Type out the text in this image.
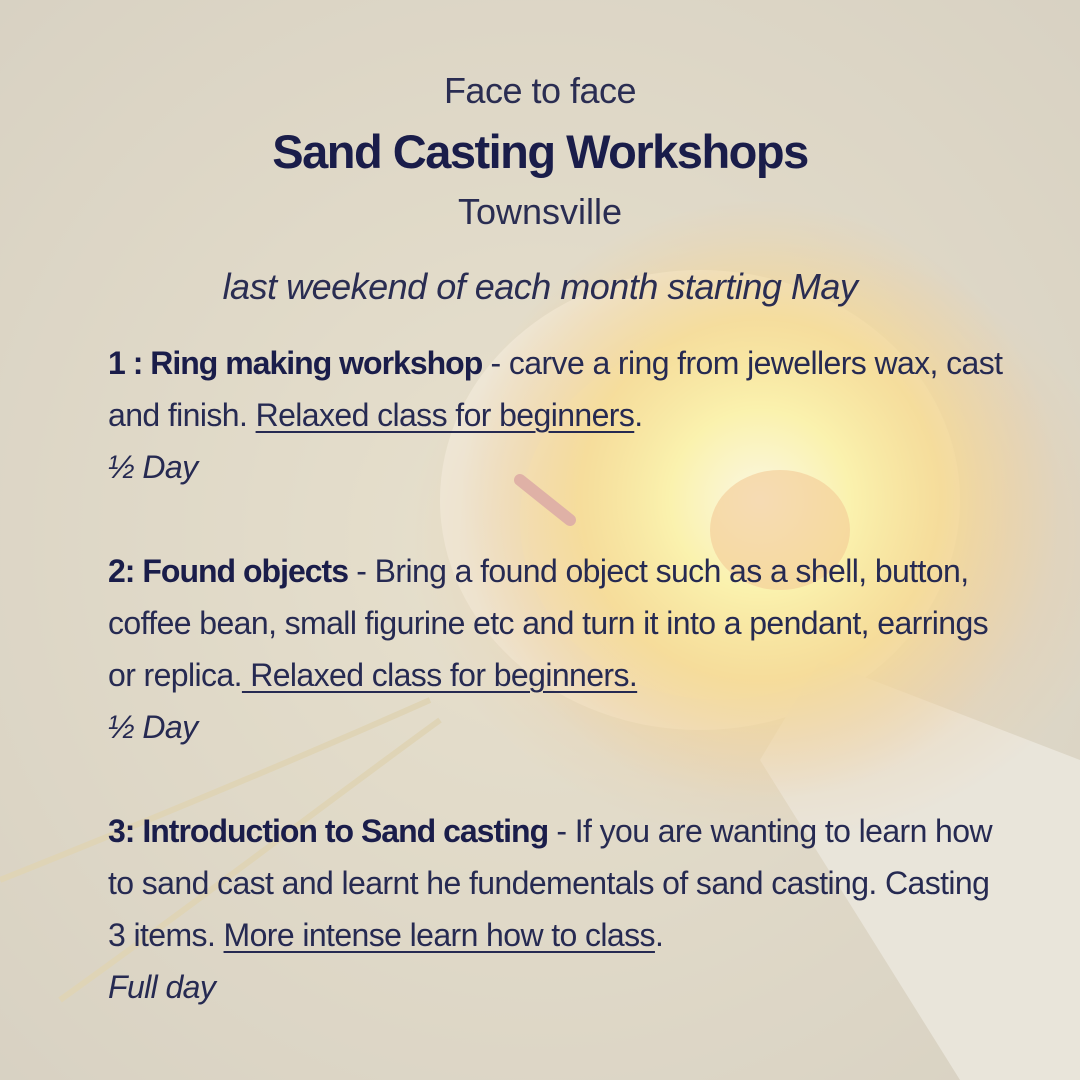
Face to face
Sand Casting Workshops
Townsville
last weekend of each month starting May
1 : Ring making workshop - carve a ring from jewellers wax, cast and finish. Relaxed class for beginners.
½ Day
2: Found objects - Bring a found object such as a shell, button, coffee bean, small figurine etc and turn it into a pendant, earrings or replica. Relaxed class for beginners.
½ Day
3: Introduction to Sand casting - If you are wanting to learn how to sand cast and learnt he fundementals of sand casting. Casting 3 items. More intense learn how to class.
Full day
